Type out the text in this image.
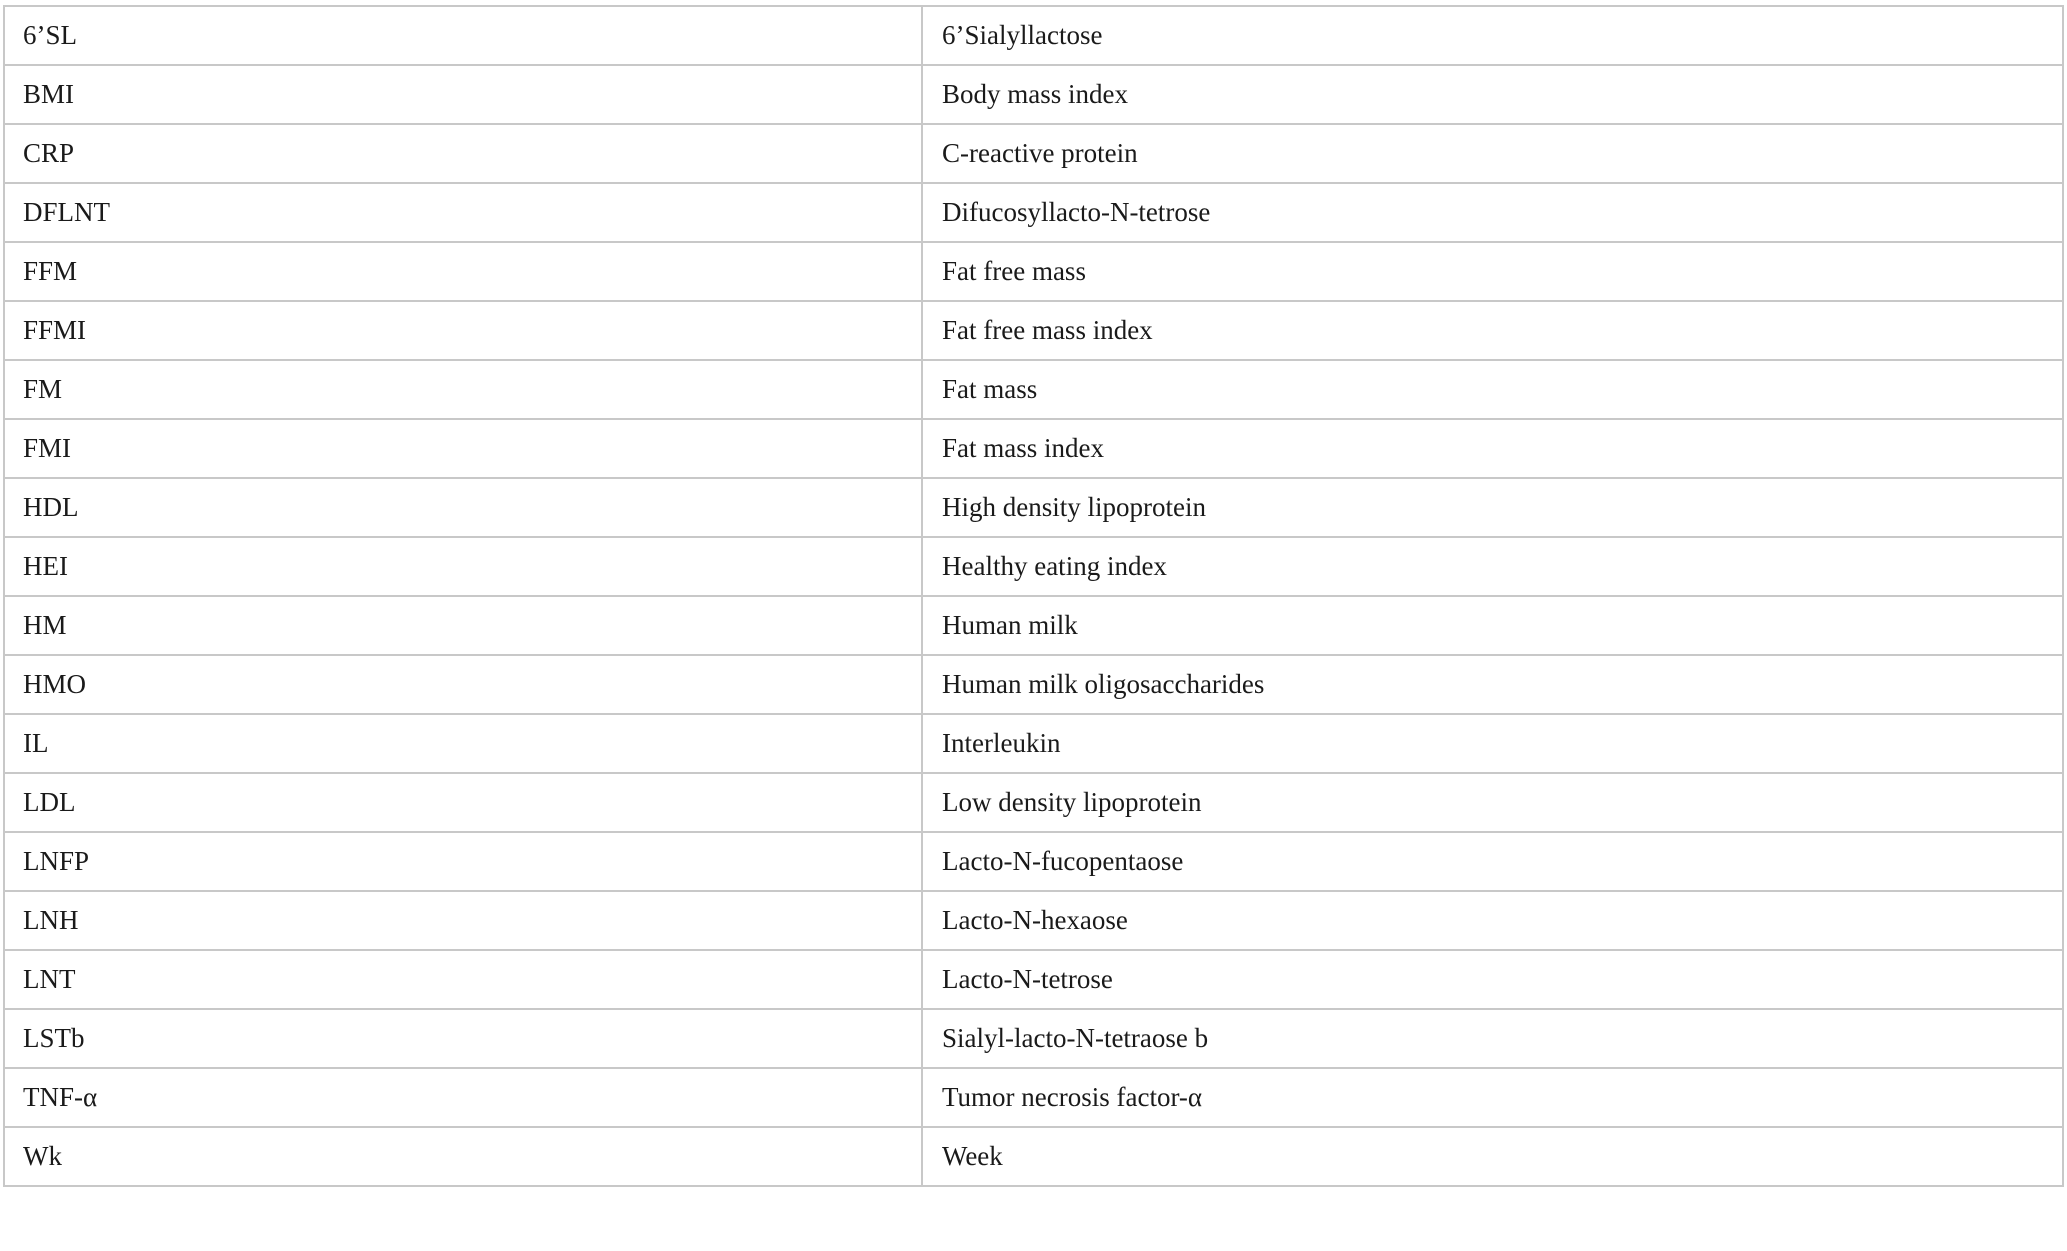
6’SL	6’Sialyllactose
BMI	Body mass index
CRP	C-reactive protein
DFLNT	Difucosyllacto-N-tetrose
FFM	Fat free mass
FFMI	Fat free mass index
FM	Fat mass
FMI	Fat mass index
HDL	High density lipoprotein
HEI	Healthy eating index
HM	Human milk
HMO	Human milk oligosaccharides
IL	Interleukin
LDL	Low density lipoprotein
LNFP	Lacto-N-fucopentaose
LNH	Lacto-N-hexaose
LNT	Lacto-N-tetrose
LSTb	Sialyl-lacto-N-tetraose b
TNF-α	Tumor necrosis factor-α
Wk	Week
